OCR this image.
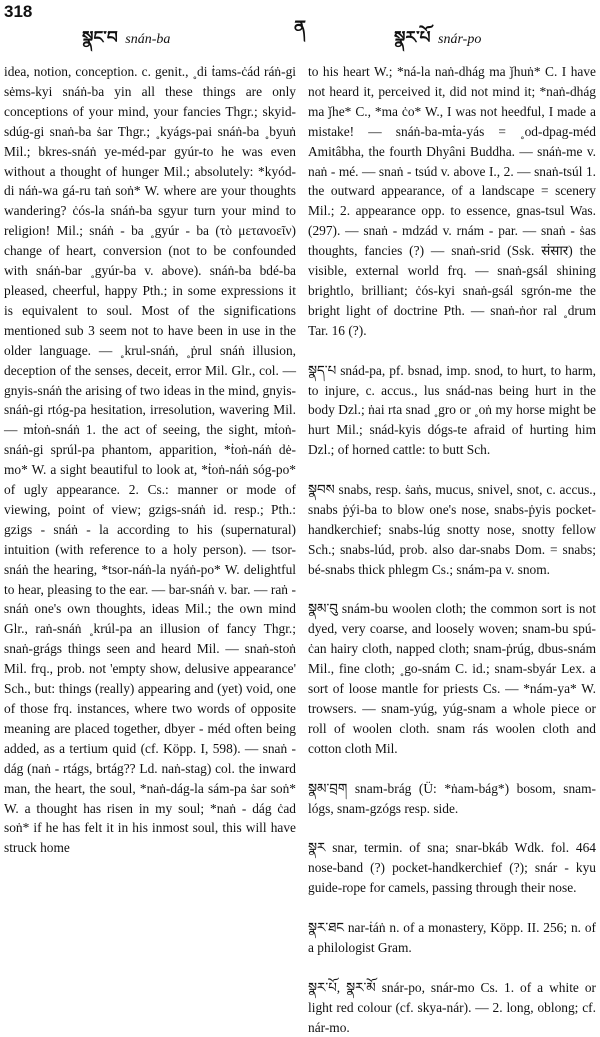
318
སྣང་བ snán-ba
ན	སྣར་པོ snár-po

idea, notion, conception. c. genit., ˳di ṫams-ċád ráṅ-gi sėms-kyi snáṅ-ba yin all these things are only conceptions of your mind, your fancies Thgr.; skyid-sdúg-gi snaṅ-ba ṡar Thgr.; ˳kyágs-pai snáṅ-ba ˳byuṅ Mil.; bkres-snáṅ ye-méd-par gyúr-to he was even without a thought of hunger Mil.; absolutely: *kyód-di náṅ-wa gá-ru taṅ soṅ* W. where are your thoughts wandering? ċós-la snáṅ-ba sgyur turn your mind to religion! Mil.; snáṅ - ba ˳gyúr - ba (τὸ μετανοεῖν) change of heart, conversion (not to be confounded with snáṅ-bar ˳gyúr-ba v. above). snáṅ-ba bdé-ba pleased, cheerful, happy Pth.; in some expressions it is equivalent to soul. Most of the significations mentioned sub 3 seem not to have been in use in the older language. — ˳krul-snáṅ, ˳ṗrul snáṅ illusion, deception of the senses, deceit, error Mil. Glr., col. — gnyis-snáṅ the arising of two ideas in the mind, gnyis-snáṅ-gi rtóg-pa hesitation, irresolution, wavering Mil. — mṫoṅ-snáṅ 1. the act of seeing, the sight, mṫoṅ-snáṅ-gi sprúl-pa phantom, apparition, *ṫoṅ-náṅ dė-mo* W. a sight beautiful to look at, *ṫoṅ-náṅ sóg-po* of ugly appearance. 2. Cs.: manner or mode of viewing, point of view; gzigs-snáṅ id. resp.; Pth.: gzigs - snáṅ - la according to his (supernatural) intuition (with reference to a holy person). — tsor-snáṅ the hearing, *tsor-náṅ-la nyáṅ-po* W. delightful to hear, pleasing to the ear. — bar-snáṅ v. bar. — raṅ - snáṅ one's own thoughts, ideas Mil.; the own mind Glr., raṅ-snáṅ ˳krúl-pa an illusion of fancy Thgr.; snaṅ-grágs things seen and heard Mil. — snaṅ-stoṅ Mil. frq., prob. not 'empty show, delusive appearance' Sch., but: things (really) appearing and (yet) void, one of those frq. instances, where two words of opposite meaning are placed together, dbyer - méd often being added, as a tertium quid (cf. Köpp. I, 598). — snaṅ - dág (naṅ - rtágs, brtág?? Ld. naṅ-stag) col. the inward man, the heart, the soul, *naṅ-dág-la sám-pa ṡar soṅ* W. a thought has risen in my soul; *naṅ - dág ċad soṅ* if he has felt it in his inmost soul, this will have struck home

to his heart W.; *ná-la naṅ-dhág ma ǰhuṅ* C. I have not heard it, perceived it, did not mind it; *naṅ-dhág ma ǰhe* C., *ma ċo* W., I was not heedful, I made a mistake! — snáṅ-ba-mṫa-yás = ˳od-dpag-méd Amitâbha, the fourth Dhyâni Buddha. — snáṅ-me v. naṅ - mé. — snaṅ - tsúd v. above I., 2. — snaṅ-tsúl 1. the outward appearance, of a landscape = scenery Mil.; 2. appearance opp. to essence, gnas-tsul Was. (297). — snaṅ - mdzád v. rnám - par. — snaṅ - ṡas thoughts, fancies (?) — snaṅ-srid (Ssk. संसार) the visible, external world frq. — snaṅ-gsál shining brightlo, brilliant; ċós-kyi snaṅ-gsál sgrón-me the bright light of doctrine Pth. — snaṅ-ṅor ral ˳drum Tar. 16 (?).

སྣད་པ snád-pa, pf. bsnad, imp. snod, to hurt, to harm, to injure, c. accus., lus snád-nas being hurt in the body Dzl.; ṅai rta snad ˳gro or ˳oṅ my horse might be hurt Mil.; snád-kyis dógs-te afraid of hurting him Dzl.; of horned cattle: to butt Sch.

སྣབས snabs, resp. ṡaṅs, mucus, snivel, snot, c. accus., snabs ṗýi-ba to blow one's nose, snabs-ṗyis pocket-handkerchief; snabs-lúg snotty nose, snotty fellow Sch.; snabs-lúd, prob. also dar-snabs Dom. = snabs; bé-snabs thick phlegm Cs.; snám-pa v. snom.

སྣམ་བུ snám-bu woolen cloth; the common sort is not dyed, very coarse, and loosely woven; snam-bu spú-ċan hairy cloth, napped cloth; snam-ṗrúg, dbus-snám Mil., fine cloth; ˳go-snám C. id.; snam-sbyár Lex. a sort of loose mantle for priests Cs. — *nám-ya* W. trowsers. — snam-yúg, yúg-snam a whole piece or roll of woolen cloth. snam rás woolen cloth and cotton cloth Mil.

སྣམ་བྲག snam-brág (Ü: *ṅam-bág*) bosom, snam-lógs, snam-gzógs resp. side.

སྣར snar, termin. of sna; snar-bkáb Wdk. fol. 464 nose-band (?) pocket-handkerchief (?); snár - kyu guide-rope for camels, passing through their nose.

སྣར་ཐང nar-ṫáṅ n. of a monastery, Köpp. II. 256; n. of a philologist Gram.

སྣར་པོ, སྣར་མོ snár-po, snár-mo Cs. 1. of a white or light red colour (cf. skya-nár). — 2. long, oblong; cf. nár-mo.
